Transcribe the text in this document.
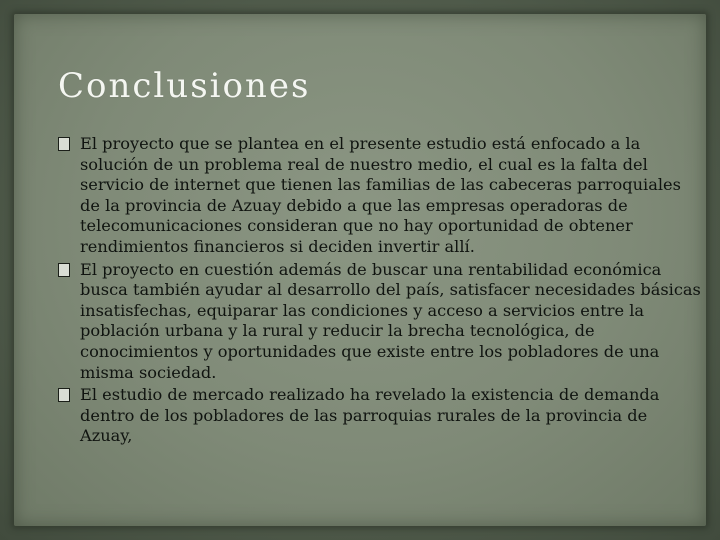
Conclusiones
El proyecto que se plantea en el presente estudio está enfocado a la solución de un problema real de nuestro medio, el cual es la falta del servicio de internet que tienen las familias de las cabeceras parroquiales de la provincia de Azuay debido a que las empresas operadoras de telecomunicaciones consideran que no hay oportunidad de obtener rendimientos financieros si deciden invertir allí.
El proyecto en cuestión además de buscar una rentabilidad económica busca también ayudar al desarrollo del país, satisfacer necesidades básicas insatisfechas, equiparar las condiciones y acceso a servicios entre la población urbana y la rural y reducir la brecha tecnológica, de conocimientos y oportunidades que existe entre los pobladores de una misma sociedad.
El estudio de mercado realizado ha revelado la existencia de demanda dentro de los pobladores de las parroquias rurales de la provincia de Azuay,
